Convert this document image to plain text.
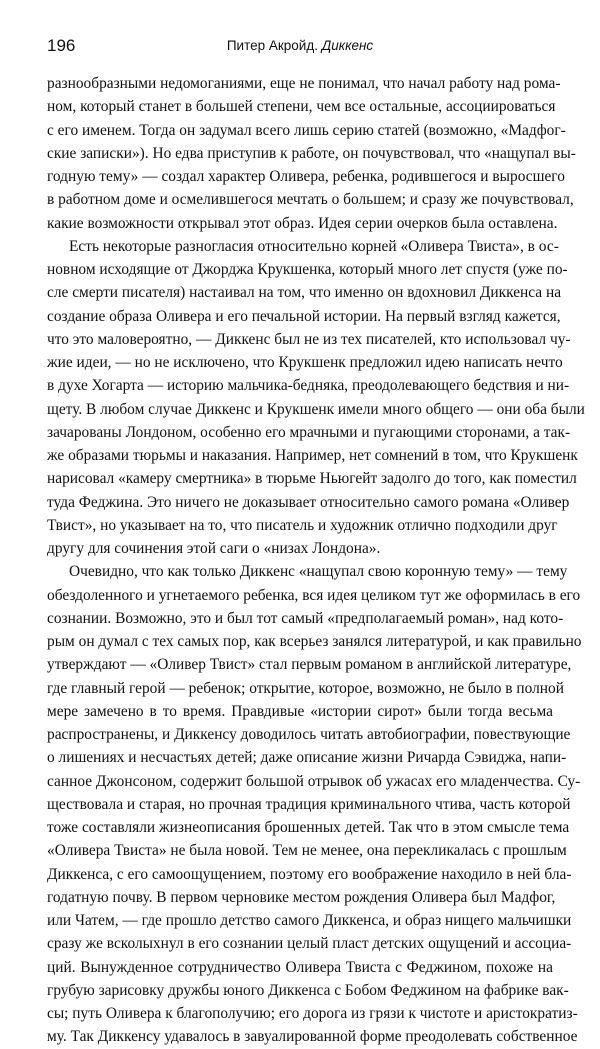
196	Питер Акройд. Диккенс
разнообразными недомоганиями, еще не понимал, что начал работу над рома-
ном, который станет в большей степени, чем все остальные, ассоциироваться
с его именем. Тогда он задумал всего лишь серию статей (возможно, «Мадфог-
ские записки»). Но едва приступив к работе, он почувствовал, что «нащупал вы-
годную тему» — создал характер Оливера, ребенка, родившегося и выросшего
в работном доме и осмелившегося мечтать о большем; и сразу же почувствовал,
какие возможности открывал этот образ. Идея серии очерков была оставлена.
Есть некоторые разногласия относительно корней «Оливера Твиста», в ос-
новном исходящие от Джорджа Крукшенка, который много лет спустя (уже по-
сле смерти писателя) настаивал на том, что именно он вдохновил Диккенса на
создание образа Оливера и его печальной истории. На первый взгляд кажется,
что это маловероятно, — Диккенс был не из тех писателей, кто использовал чу-
жие идеи, — но не исключено, что Крукшенк предложил идею написать нечто
в духе Хогарта — историю мальчика-бедняка, преодолевающего бедствия и ни-
щету. В любом случае Диккенс и Крукшенк имели много общего — они оба были
зачарованы Лондоном, особенно его мрачными и пугающими сторонами, а так-
же образами тюрьмы и наказания. Например, нет сомнений в том, что Крукшенк
нарисовал «камеру смертника» в тюрьме Ньюгейт задолго до того, как поместил
туда Феджина. Это ничего не доказывает относительно самого романа «Оливер
Твист», но указывает на то, что писатель и художник отлично подходили друг
другу для сочинения этой саги о «низах Лондона».
Очевидно, что как только Диккенс «нащупал свою коронную тему» — тему
обездоленного и угнетаемого ребенка, вся идея целиком тут же оформилась в его
сознании. Возможно, это и был тот самый «предполагаемый роман», над кото-
рым он думал с тех самых пор, как всерьез занялся литературой, и как правильно
утверждают — «Оливер Твист» стал первым романом в английской литературе,
где главный герой — ребенок; открытие, которое, возможно, не было в полной
мере замечено в то время. Правдивые «истории сирот» были тогда весьма
распространены, и Диккенсу доводилось читать автобиографии, повествующие
о лишениях и несчастьях детей; даже описание жизни Ричарда Сэвиджа, напи-
санное Джонсоном, содержит большой отрывок об ужасах его младенчества. Су-
ществовала и старая, но прочная традиция криминального чтива, часть которой
тоже составляли жизнеописания брошенных детей. Так что в этом смысле тема
«Оливера Твиста» не была новой. Тем не менее, она перекликалась с прошлым
Диккенса, с его самоощущением, поэтому его воображение находило в ней бла-
годатную почву. В первом черновике местом рождения Оливера был Мадфог,
или Чатем, — где прошло детство самого Диккенса, и образ нищего мальчишки
сразу же всколыхнул в его сознании целый пласт детских ощущений и ассоциа-
ций. Вынужденное сотрудничество Оливера Твиста с Феджином, похоже на
грубую зарисовку дружбы юного Диккенса с Бобом Феджином на фабрике вак-
сы; путь Оливера к благополучию; его дорога из грязи к чистоте и аристократиз-
му. Так Диккенсу удавалось в завуалированной форме преодолевать собственное
